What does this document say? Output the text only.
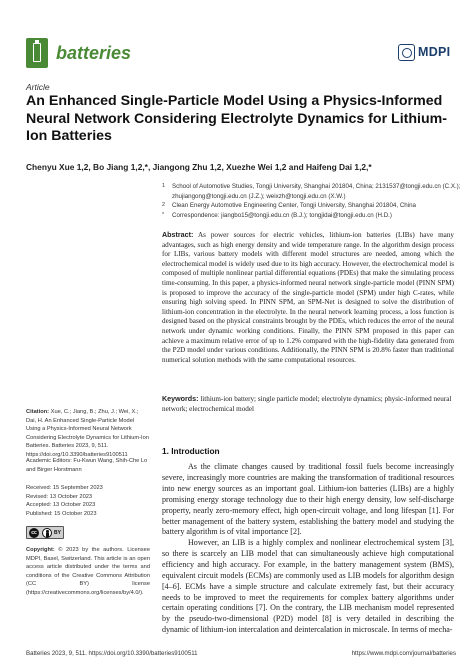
batteries	MDPI
Article
An Enhanced Single-Particle Model Using a Physics-Informed Neural Network Considering Electrolyte Dynamics for Lithium-Ion Batteries
Chenyu Xue 1,2, Bo Jiang 1,2,*, Jiangong Zhu 1,2, Xuezhe Wei 1,2 and Haifeng Dai 1,2,*
1 School of Automotive Studies, Tongji University, Shanghai 201804, China; 2131537@tongji.edu.cn (C.X.); zhujiangong@tongji.edu.cn (J.Z.); weixzh@tongji.edu.cn (X.W.)
2 Clean Energy Automotive Engineering Center, Tongji University, Shanghai 201804, China
* Correspondence: jiangbo15@tongji.edu.cn (B.J.); tongjidai@tongji.edu.cn (H.D.)
Abstract: As power sources for electric vehicles, lithium-ion batteries (LIBs) have many advantages, such as high energy density and wide temperature range. In the algorithm design process for LIBs, various battery models with different model structures are needed, among which the electrochemical model is widely used due to its high accuracy. However, the electrochemical model is composed of multiple nonlinear partial differential equations (PDEs) that make the simulating process time-consuming. In this paper, a physics-informed neural network single-particle model (PINN SPM) is proposed to improve the accuracy of the single-particle model (SPM) under high C-rates, while ensuring high solving speed. In PINN SPM, an SPM-Net is designed to solve the distribution of lithium-ion concentration in the electrolyte. In the neural network learning process, a loss function is designed based on the physical constraints brought by the PDEs, which reduces the error of the neural network under dynamic working conditions. Finally, the PINN SPM proposed in this paper can achieve a maximum relative error of up to 1.2% compared with the high-fidelity data generated from the P2D model under various conditions. Additionally, the PINN SPM is 20.8% faster than traditional numerical solution methods with the same computational resources.
Keywords: lithium-ion battery; single particle model; electrolyte dynamics; physic-informed neural network; electrochemical model
Citation: Xue, C.; Jiang, B.; Zhu, J.; Wei, X.; Dai, H. An Enhanced Single-Particle Model Using a Physics-Informed Neural Network Considering Electrolyte Dynamics for Lithium-Ion Batteries. Batteries 2023, 9, 511. https://doi.org/10.3390/batteries9100511
Academic Editors: Fu-Kwun Wang, Shih-Che Lo and Birger Horstmann
Received: 15 September 2023
Revised: 13 October 2023
Accepted: 13 October 2023
Published: 15 October 2023
cc	BY
Copyright: © 2023 by the authors. Licensee MDPI, Basel, Switzerland. This article is an open access article distributed under the terms and conditions of the Creative Commons Attribution (CC BY) license (https://creativecommons.org/licenses/by/4.0/).
1. Introduction
As the climate changes caused by traditional fossil fuels become increasingly severe, increasingly more countries are making the transformation of traditional resources into new energy sources as an important goal. Lithium-ion batteries (LIBs) are a highly promising energy storage technology due to their high energy density, low self-discharge property, nearly zero-memory effect, high open-circuit voltage, and long lifespan [1]. For better management of the battery system, establishing the battery model and studying the battery algorithm is of vital importance [2].
However, an LIB is a highly complex and nonlinear electrochemical system [3], so there is scarcely an LIB model that can simultaneously achieve high computational efficiency and high accuracy. For example, in the battery management system (BMS), equivalent circuit models (ECMs) are commonly used as LIB models for algorithm design [4–6]. ECMs have a simple structure and calculate extremely fast, but their accuracy needs to be improved to meet the requirements for complex battery algorithms under certain operating conditions [7]. On the contrary, the LIB mechanism model represented by the pseudo-two-dimensional (P2D) model [8] is very detailed in describing the dynamic of lithium-ion intercalation and deintercalation in microscale. In terms of mecha-
Batteries 2023, 9, 511. https://doi.org/10.3390/batteries9100511	https://www.mdpi.com/journal/batteries
